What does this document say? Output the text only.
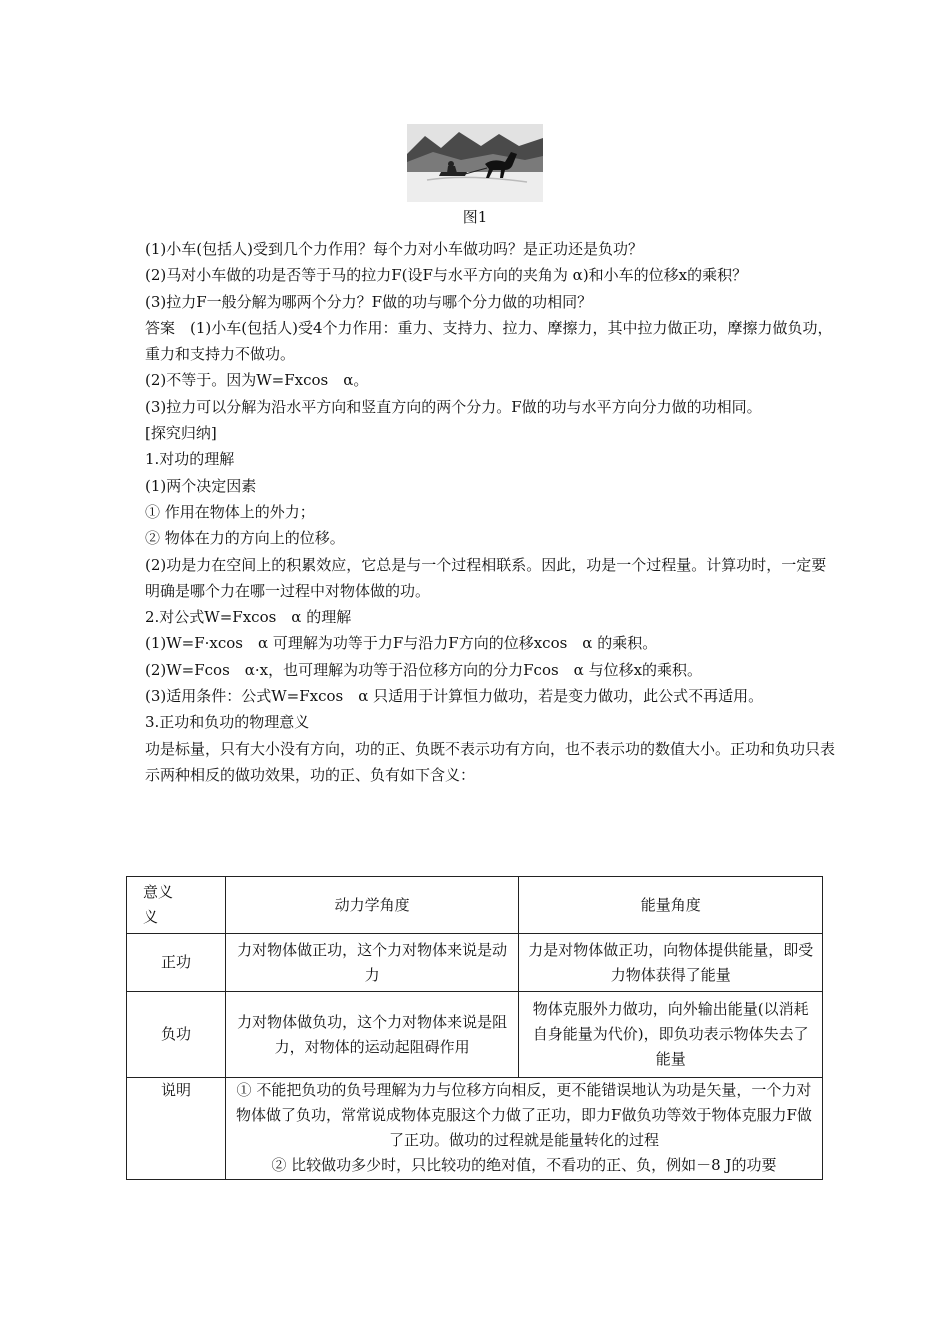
图1

(1)小车(包括人)受到几个力作用？每个力对小车做功吗？是正功还是负功？

(2)马对小车做的功是否等于马的拉力F(设F与水平方向的夹角为 α)和小车的位移x的乘积？

(3)拉力F一般分解为哪两个分力？F做的功与哪个分力做的功相同？

答案　(1)小车(包括人)受4个力作用：重力、支持力、拉力、摩擦力，其中拉力做正功，摩擦力做负功，重力和支持力不做功。

(2)不等于。因为W=Fxcos　α。

(3)拉力可以分解为沿水平方向和竖直方向的两个分力。F做的功与水平方向分力做的功相同。

[探究归纳]

1.对功的理解

(1)两个决定因素

① 作用在物体上的外力；

② 物体在力的方向上的位移。

(2)功是力在空间上的积累效应，它总是与一个过程相联系。因此，功是一个过程量。计算功时，一定要明确是哪个力在哪一过程中对物体做的功。

2.对公式W=Fxcos　α 的理解

(1)W=F·xcos　α 可理解为功等于力F与沿力F方向的位移xcos　α 的乘积。

(2)W=Fcos　α·x，也可理解为功等于沿位移方向的分力Fcos　α 与位移x的乘积。

(3)适用条件：公式W=Fxcos　α 只适用于计算恒力做功，若是变力做功，此公式不再适用。

3.正功和负功的物理意义

功是标量，只有大小没有方向，功的正、负既不表示功有方向，也不表示功的数值大小。正功和负功只表示两种相反的做功效果，功的正、负有如下含义：

意义
义	动力学角度	能量角度
正功	力对物体做正功，这个力对物体来说是动力	力是对物体做正功，向物体提供能量，即受力物体获得了能量
负功	力对物体做负功，这个力对物体来说是阻力，对物体的运动起阻碍作用	物体克服外力做功，向外输出能量(以消耗自身能量为代价)，即负功表示物体失去了能量
说明	① 不能把负功的负号理解为力与位移方向相反，更不能错误地认为功是矢量，一个力对物体做了负功，常常说成物体克服这个力做了正功，即力F做负功等效于物体克服力F做了正功。做功的过程就是能量转化的过程
② 比较做功多少时，只比较功的绝对值，不看功的正、负，例如－8 J的功要	
